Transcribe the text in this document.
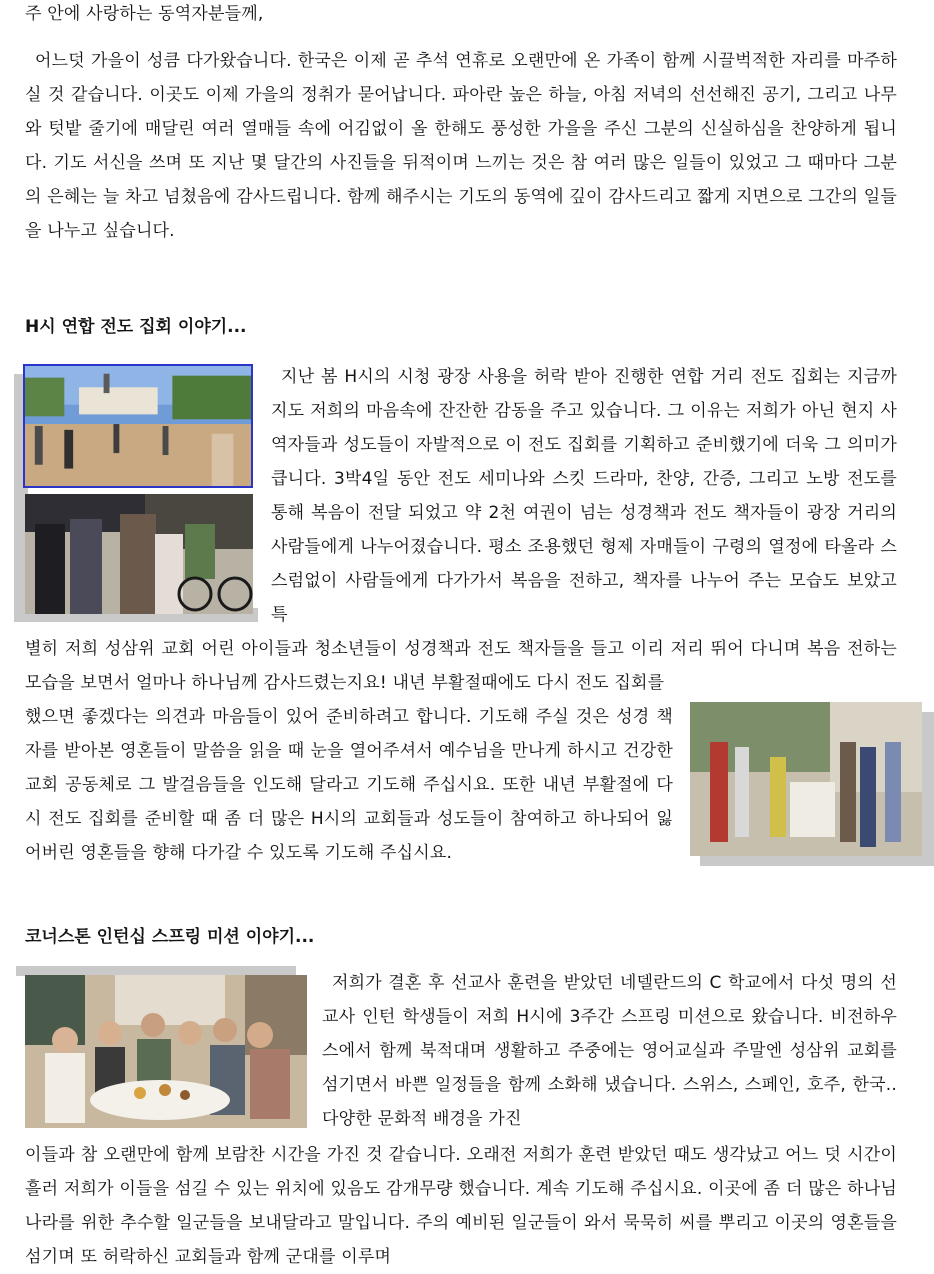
주 안에 사랑하는 동역자분들께,

어느덧 가을이 성큼 다가왔습니다. 한국은 이제 곧 추석 연휴로 오랜만에 온 가족이 함께 시끌벅적한 자리를 마주하실 것 같습니다. 이곳도 이제 가을의 정취가 묻어납니다. 파아란 높은 하늘, 아침 저녁의 선선해진 공기, 그리고 나무와 텃밭 줄기에 매달린 여러 열매들 속에 어김없이 올 한해도 풍성한 가을을 주신 그분의 신실하심을 찬양하게 됩니다. 기도 서신을 쓰며 또 지난 몇 달간의 사진들을 뒤적이며 느끼는 것은 참 여러 많은 일들이 있었고 그 때마다 그분의 은혜는 늘 차고 넘쳤음에 감사드립니다. 함께 해주시는 기도의 동역에 깊이 감사드리고 짧게 지면으로 그간의 일들을 나누고 싶습니다.

H시 연합 전도 집회 이야기...

지난 봄 H시의 시청 광장 사용을 허락 받아 진행한 연합 거리 전도 집회는 지금까지도 저희의 마음속에 잔잔한 감동을 주고 있습니다. 그 이유는 저희가 아닌 현지 사역자들과 성도들이 자발적으로 이 전도 집회를 기획하고 준비했기에 더욱 그 의미가 큽니다. 3박4일 동안 전도 세미나와 스킷 드라마, 찬양, 간증, 그리고 노방 전도를 통해 복음이 전달 되었고 약 2천 여권이 넘는 성경책과 전도 책자들이 광장 거리의 사람들에게 나누어졌습니다. 평소 조용했던 형제 자매들이 구령의 열정에 타올라 스스럼없이 사람들에게 다가가서 복음을 전하고, 책자를 나누어 주는 모습도 보았고 특

별히 저희 성삼위 교회 어린 아이들과 청소년들이 성경책과 전도 책자들을 들고 이리 저리 뛰어 다니며 복음 전하는 모습을 보면서 얼마나 하나님께 감사드렸는지요! 내년 부활절때에도 다시 전도 집회를

했으면 좋겠다는 의견과 마음들이 있어 준비하려고 합니다. 기도해 주실 것은 성경 책자를 받아본 영혼들이 말씀을 읽을 때 눈을 열어주셔서 예수님을 만나게 하시고 건강한 교회 공동체로 그 발걸음들을 인도해 달라고 기도해 주십시요. 또한 내년 부활절에 다시 전도 집회를 준비할 때 좀 더 많은 H시의 교회들과 성도들이 참여하고 하나되어 잃어버린 영혼들을 향해 다가갈 수 있도록 기도해 주십시요.

코너스톤 인턴십 스프링 미션 이야기...

저희가 결혼 후 선교사 훈련을 받았던 네델란드의 C 학교에서 다섯 명의 선교사 인턴 학생들이 저희 H시에 3주간 스프링 미션으로 왔습니다. 비전하우스에서 함께 북적대며 생활하고 주중에는 영어교실과 주말엔 성삼위 교회를 섬기면서 바쁜 일정들을 함께 소화해 냈습니다. 스위스, 스페인, 호주, 한국.. 다양한 문화적 배경을 가진

이들과 참 오랜만에 함께 보람찬 시간을 가진 것 같습니다. 오래전 저희가 훈련 받았던 때도 생각났고 어느 덧 시간이 흘러 저희가 이들을 섬길 수 있는 위치에 있음도 감개무량 했습니다. 계속 기도해 주십시요. 이곳에 좀 더 많은 하나님 나라를 위한 추수할 일군들을 보내달라고 말입니다. 주의 예비된 일군들이 와서 묵묵히 씨를 뿌리고 이곳의 영혼들을 섬기며 또 허락하신 교회들과 함께 군대를 이루며
